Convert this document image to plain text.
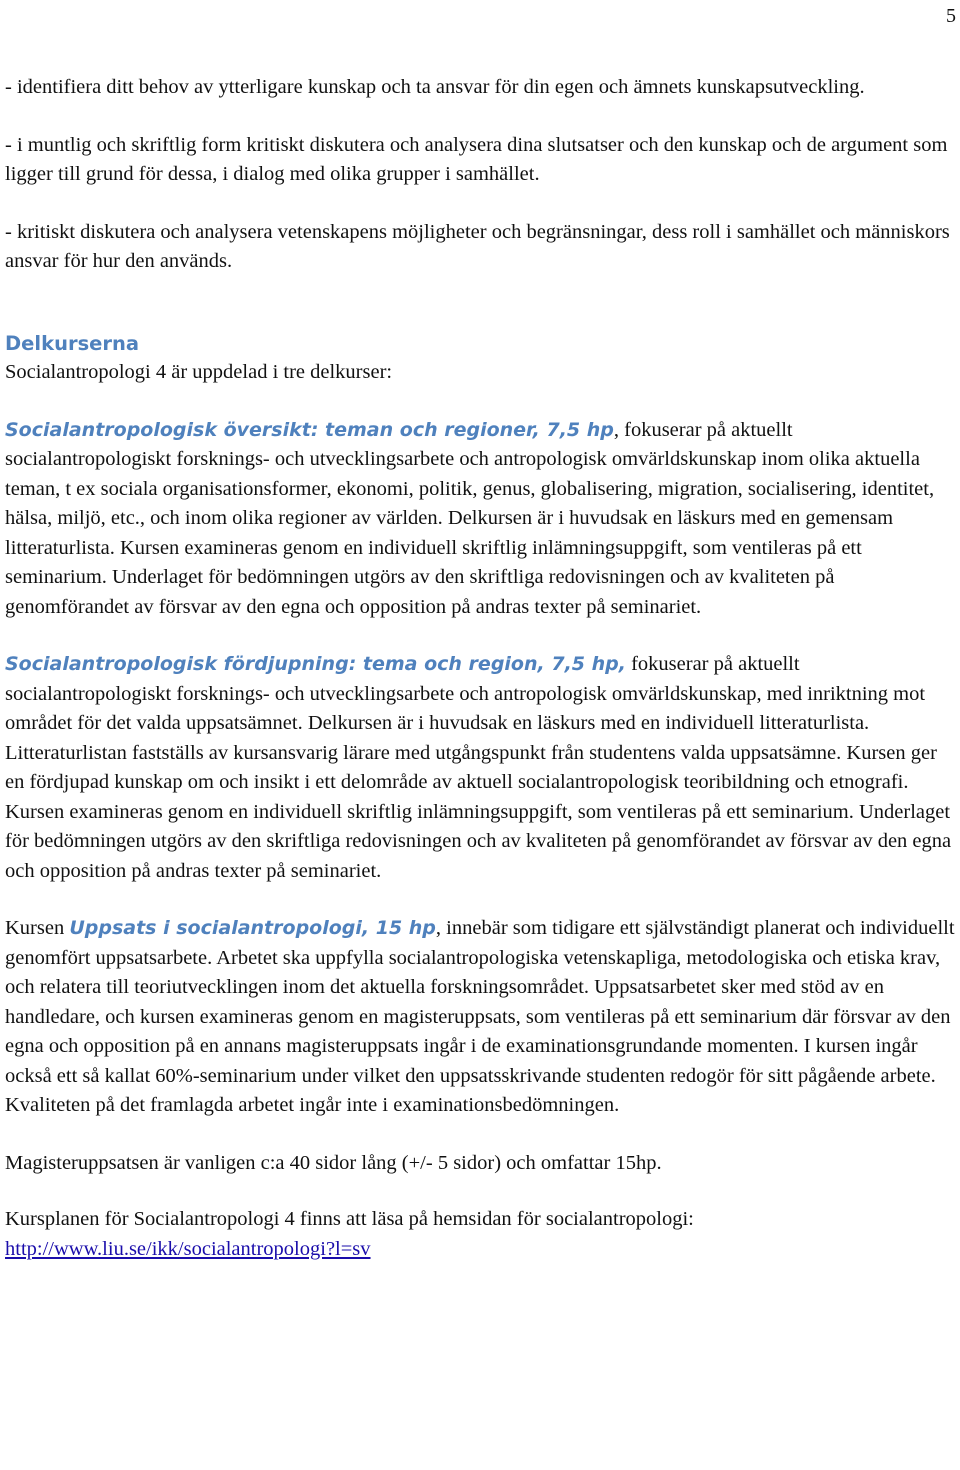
5

- identifiera ditt behov av ytterligare kunskap och ta ansvar för din egen och ämnets kunskapsutveckling.

- i muntlig och skriftlig form kritiskt diskutera och analysera dina slutsatser och den kunskap och de argument som ligger till grund för dessa, i dialog med olika grupper i samhället.

- kritiskt diskutera och analysera vetenskapens möjligheter och begränsningar, dess roll i samhället och människors ansvar för hur den används.

Delkurserna

Socialantropologi 4 är uppdelad i tre delkurser:

Socialantropologisk översikt: teman och regioner, 7,5 hp, fokuserar på aktuellt socialantropologiskt forsknings- och utvecklingsarbete och antropologisk omvärldskunskap inom olika aktuella teman, t ex sociala organisationsformer, ekonomi, politik, genus, globalisering, migration, socialisering, identitet, hälsa, miljö, etc., och inom olika regioner av världen. Delkursen är i huvudsak en läskurs med en gemensam litteraturlista. Kursen examineras genom en individuell skriftlig inlämningsuppgift, som ventileras på ett seminarium. Underlaget för bedömningen utgörs av den skriftliga redovisningen och av kvaliteten på genomförandet av försvar av den egna och opposition på andras texter på seminariet.

Socialantropologisk fördjupning: tema och region, 7,5 hp, fokuserar på aktuellt socialantropologiskt forsknings- och utvecklingsarbete och antropologisk omvärldskunskap, med inriktning mot området för det valda uppsatsämnet. Delkursen är i huvudsak en läskurs med en individuell litteraturlista. Litteraturlistan fastställs av kursansvarig lärare med utgångspunkt från studentens valda uppsatsämne. Kursen ger en fördjupad kunskap om och insikt i ett delområde av aktuell socialantropologisk teoribildning och etnografi. Kursen examineras genom en individuell skriftlig inlämningsuppgift, som ventileras på ett seminarium. Underlaget för bedömningen utgörs av den skriftliga redovisningen och av kvaliteten på genomförandet av försvar av den egna och opposition på andras texter på seminariet.

Kursen Uppsats i socialantropologi, 15 hp, innebär som tidigare ett självständigt planerat och individuellt genomfört uppsatsarbete. Arbetet ska uppfylla socialantropologiska vetenskapliga, metodologiska och etiska krav, och relatera till teoriutvecklingen inom det aktuella forskningsområdet. Uppsatsarbetet sker med stöd av en handledare, och kursen examineras genom en magisteruppsats, som ventileras på ett seminarium där försvar av den egna och opposition på en annans magisteruppsats ingår i de examinationsgrundande momenten. I kursen ingår också ett så kallat 60%-seminarium under vilket den uppsatsskrivande studenten redogör för sitt pågående arbete. Kvaliteten på det framlagda arbetet ingår inte i examinationsbedömningen.

Magisteruppsatsen är vanligen c:a 40 sidor lång (+/- 5 sidor) och omfattar 15hp.

Kursplanen för Socialantropologi 4 finns att läsa på hemsidan för socialantropologi:
http://www.liu.se/ikk/socialantropologi?l=sv
